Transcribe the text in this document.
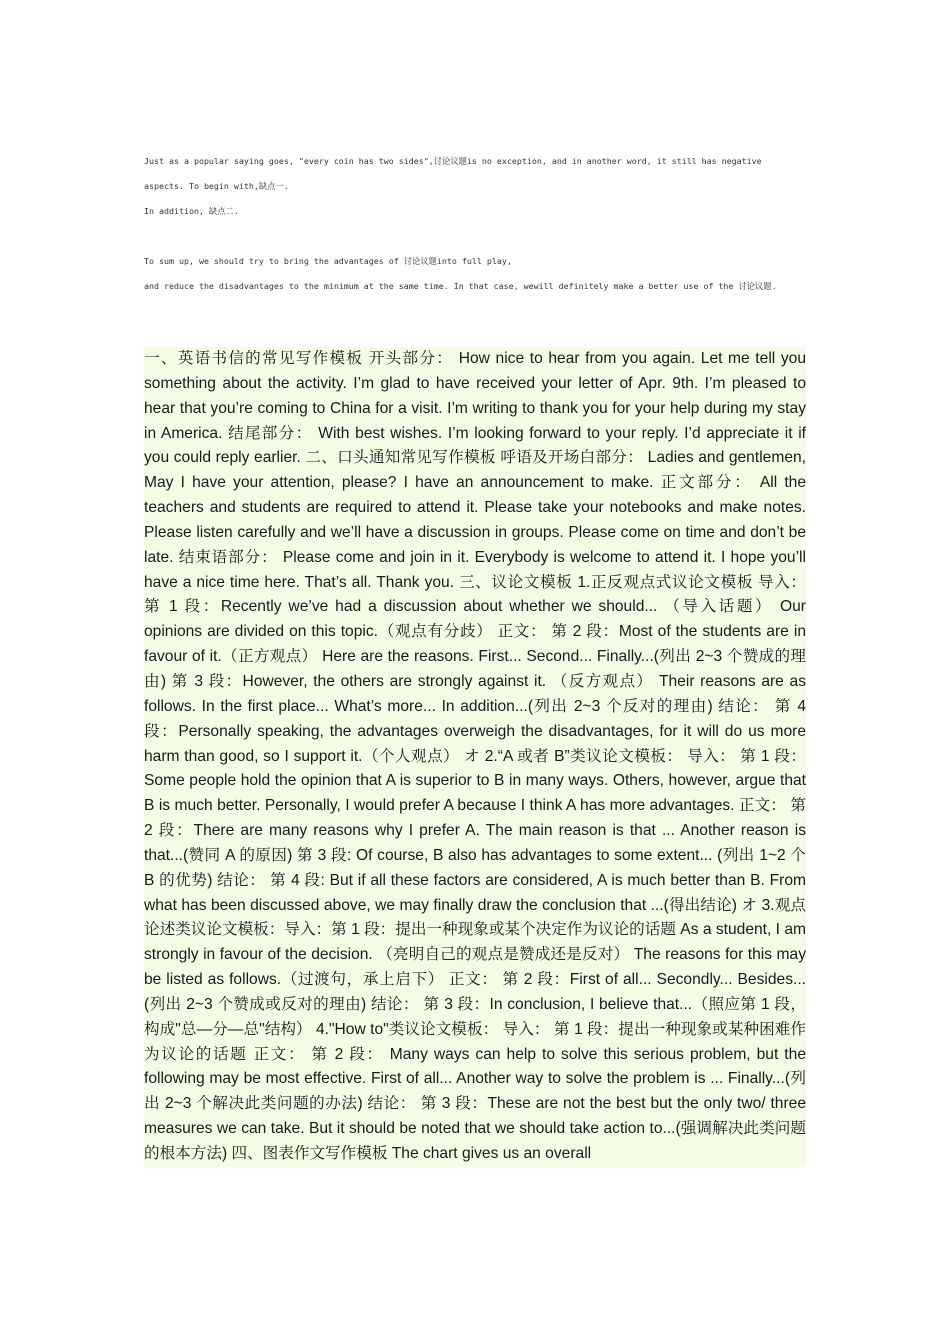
Just as a popular saying goes, "every coin has two sides",讨论议题is no exception, and in another word, it still has negative
aspects. To begin with,缺点一.
In addition, 缺点二.
To sum up, we should try to bring the advantages of 讨论议题into full play,
and reduce the disadvantages to the minimum at the same time. In that case, wewill definitely make a better use of the 讨论议题.

一、英语书信的常见写作模板 开头部分： How nice to hear from you again. Let me tell you something about the activity. I’m glad to have received your letter of Apr. 9th. I’m pleased to hear that you’re coming to China for a visit. I’m writing to thank you for your help during my stay in America. 结尾部分： With best wishes. I’m looking forward to your reply. I’d appreciate it if you could reply earlier. 二、口头通知常见写作模板 呼语及开场白部分： Ladies and gentlemen, May I have your attention, please? I have an announcement to make. 正文部分： All the teachers and students are required to attend it. Please take your notebooks and make notes. Please listen carefully and we’ll have a discussion in groups. Please come on time and don’t be late. 结束语部分： Please come and join in it. Everybody is welcome to attend it. I hope you’ll have a nice time here. That’s all. Thank you. 三、议论文模板 1.正反观点式议论文模板 导入： 第 1 段：Recently we’ve had a discussion about whether we should... （导入话题） Our opinions are divided on this topic.（观点有分歧） 正文： 第 2 段：Most of the students are in favour of it.（正方观点） Here are the reasons. First... Second... Finally...(列出 2~3 个赞成的理由) 第 3 段：However, the others are strongly against it. （反方观点） Their reasons are as follows. In the first place... What’s more... In addition...(列出 2~3 个反对的理由) 结论： 第 4 段：Personally speaking, the advantages overweigh the disadvantages, for it will do us more harm than good, so I support it.（个人观点） オ 2.“A 或者 B”类议论文模板： 导入： 第 1 段： Some people hold the opinion that A is superior to B in many ways. Others, however, argue that B is much better. Personally, I would prefer A because I think A has more advantages. 正文： 第 2 段：There are many reasons why I prefer A. The main reason is that ... Another reason is that...(赞同 A 的原因) 第 3 段: Of course, B also has advantages to some extent... (列出 1~2 个 B 的优势) 结论： 第 4 段: But if all these factors are considered, A is much better than B. From what has been discussed above, we may finally draw the conclusion that ...(得出结论) オ 3.观点论述类议论文模板：导入：第 1 段：提出一种现象或某个决定作为议论的话题 As a student, I am strongly in favour of the decision. （亮明自己的观点是赞成还是反对） The reasons for this may be listed as follows.（过渡句，承上启下） 正文： 第 2 段：First of all... Secondly... Besides...(列出 2~3 个赞成或反对的理由) 结论： 第 3 段：In conclusion, I believe that...（照应第 1 段，构成"总—分—总"结构） 4."How to"类议论文模板： 导入： 第 1 段：提出一种现象或某种困难作为议论的话题 正文： 第 2 段： Many ways can help to solve this serious problem, but the following may be most effective. First of all... Another way to solve the problem is ... Finally...(列出 2~3 个解决此类问题的办法) 结论： 第 3 段：These are not the best but the only two/ three measures we can take. But it should be noted that we should take action to...(强调解决此类问题的根本方法) 四、图表作文写作模板 The chart gives us an overall
